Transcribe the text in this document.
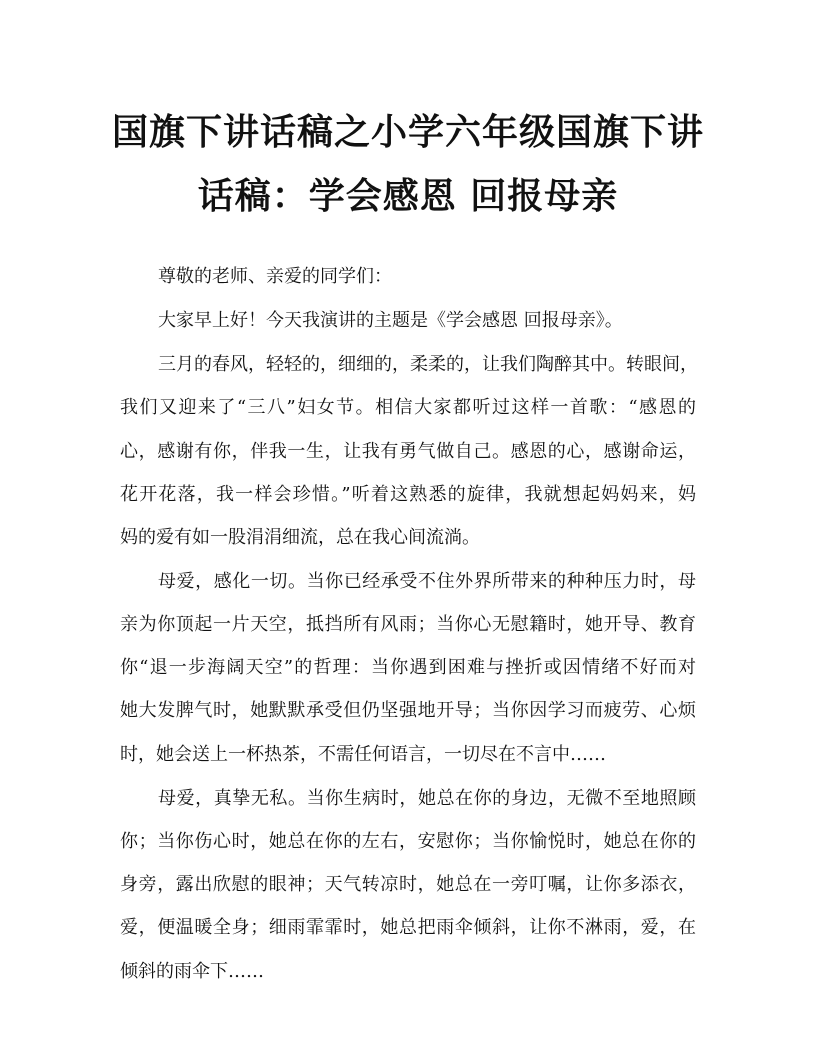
国旗下讲话稿之小学六年级国旗下讲
话稿：学会感恩 回报母亲
尊敬的老师、亲爱的同学们：
大家早上好！今天我演讲的主题是《学会感恩 回报母亲》。
三月的春风，轻轻的，细细的，柔柔的，让我们陶醉其中。转眼间，
我们又迎来了“三八”妇女节。相信大家都听过这样一首歌：“感恩的
心，感谢有你，伴我一生，让我有勇气做自己。感恩的心，感谢命运，
花开花落，我一样会珍惜。”听着这熟悉的旋律，我就想起妈妈来，妈
妈的爱有如一股涓涓细流，总在我心间流淌。
母爱，感化一切。当你已经承受不住外界所带来的种种压力时，母
亲为你顶起一片天空，抵挡所有风雨；当你心无慰籍时，她开导、教育
你“退一步海阔天空”的哲理：当你遇到困难与挫折或因情绪不好而对
她大发脾气时，她默默承受但仍坚强地开导；当你因学习而疲劳、心烦
时，她会送上一杯热茶，不需任何语言，一切尽在不言中……
母爱，真挚无私。当你生病时，她总在你的身边，无微不至地照顾
你；当你伤心时，她总在你的左右，安慰你；当你愉悦时，她总在你的
身旁，露出欣慰的眼神；天气转凉时，她总在一旁叮嘱，让你多添衣，
爱，便温暖全身；细雨霏霏时，她总把雨伞倾斜，让你不淋雨，爱，在
倾斜的雨伞下……
